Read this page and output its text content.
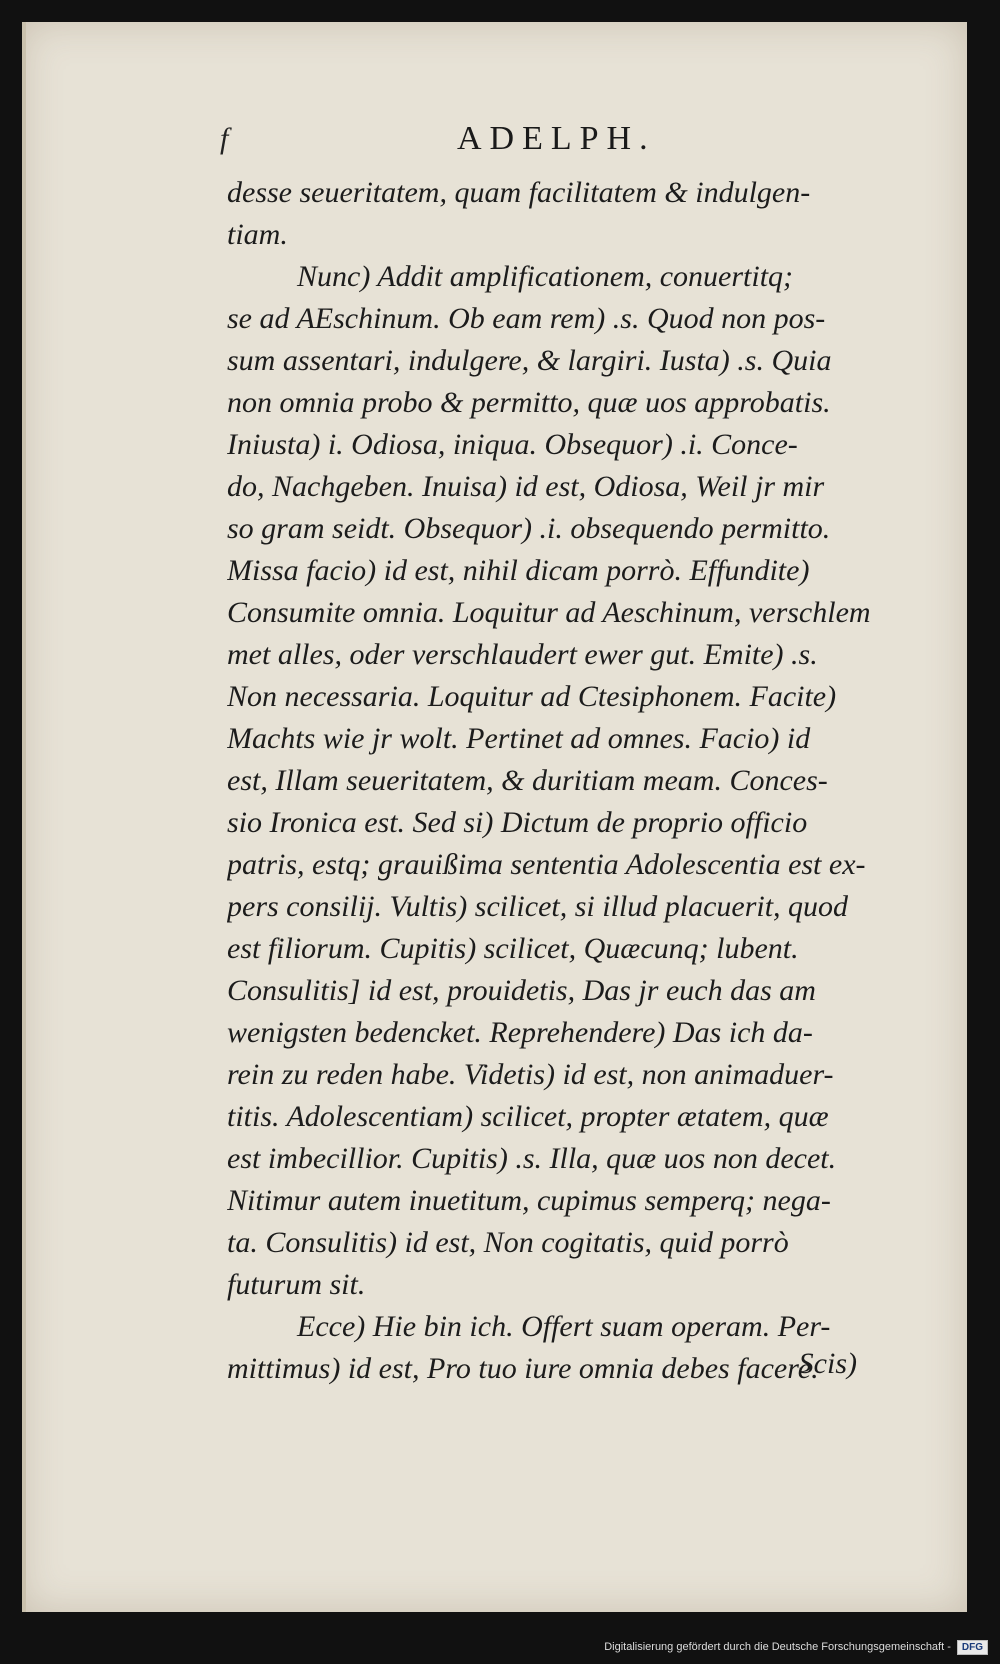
f	ADELPH.
desse seueritatem, quam facilitatem & indulgen-
tiam.
Nunc) Addit amplificationem, conuertitq;
se ad AEschinum. Ob eam rem) .s. Quod non pos-
sum assentari, indulgere, & largiri. Iusta) .s. Quia
non omnia probo & permitto, quæ uos approbatis.
Iniusta) i. Odiosa, iniqua. Obsequor) .i. Conce-
do, Nachgeben. Inuisa) id est, Odiosa, Weil jr mir
so gram seidt. Obsequor) .i. obsequendo permitto.
Missa facio) id est, nihil dicam porrò. Effundite)
Consumite omnia. Loquitur ad Aeschinum, verschlem
met alles, oder verschlaudert ewer gut. Emite) .s.
Non necessaria. Loquitur ad Ctesiphonem. Facite)
Machts wie jr wolt. Pertinet ad omnes. Facio) id
est, Illam seueritatem, & duritiam meam. Conces-
sio Ironica est. Sed si) Dictum de proprio officio
patris, estq; grauißima sententia Adolescentia est ex-
pers consilij. Vultis) scilicet, si illud placuerit, quod
est filiorum. Cupitis) scilicet, Quæcunq; lubent.
Consulitis] id est, prouidetis, Das jr euch das am
wenigsten bedencket. Reprehendere) Das ich da-
rein zu reden habe. Videtis) id est, non animaduer-
titis. Adolescentiam) scilicet, propter ætatem, quæ
est imbecillior. Cupitis) .s. Illa, quæ uos non decet.
Nitimur autem inuetitum, cupimus semperq; nega-
ta. Consulitis) id est, Non cogitatis, quid porrò
futurum sit.
Ecce) Hie bin ich. Offert suam operam. Per-
mittimus) id est, Pro tuo iure omnia debes facere.
Scis)
Digitalisierung gefördert durch die Deutsche Forschungsgemeinschaft -	DFG
